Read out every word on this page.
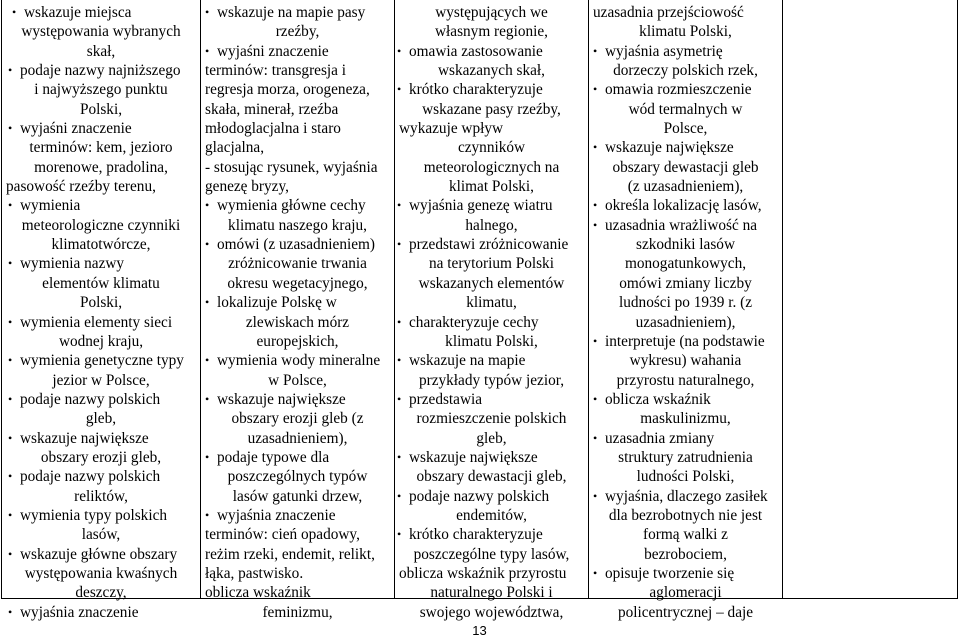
• wskazuje miejsca
występowania wybranych
skał,
• podaje nazwy najniższego
i najwyższego punktu
Polski,
• wyjaśni znaczenie
terminów: kem, jezioro
morenowe, pradolina,
pasowość rzeźby terenu,
• wymienia
meteorologiczne czynniki
klimatotwórcze,
• wymienia nazwy
elementów klimatu
Polski,
• wymienia elementy sieci
wodnej kraju,
• wymienia genetyczne typy
jezior w Polsce,
• podaje nazwy polskich
gleb,
• wskazuje największe
obszary erozji gleb,
• podaje nazwy polskich
reliktów,
• wymienia typy polskich
lasów,
• wskazuje główne obszary
występowania kwaśnych
deszczy,
• wyjaśnia znaczenie
• wskazuje na mapie pasy
rzeźby,
• wyjaśni znaczenie
terminów: transgresja i
regresja morza, orogeneza,
skała, minerał, rzeźba
młodoglacjalna i staro
glacjalna,
- stosując rysunek, wyjaśnia
genezę bryzy,
• wymienia główne cechy
klimatu naszego kraju,
• omówi (z uzasadnieniem)
zróżnicowanie trwania
okresu wegetacyjnego,
• lokalizuje Polskę w
zlewiskach mórz
europejskich,
• wymienia wody mineralne
w Polsce,
• wskazuje największe
obszary erozji gleb (z
uzasadnieniem),
• podaje typowe dla
poszczególnych typów
lasów gatunki drzew,
• wyjaśnia znaczenie
terminów: cień opadowy,
reżim rzeki, endemit, relikt,
łąka, pastwisko.
oblicza wskaźnik
feminizmu,
występujących we
własnym regionie,
• omawia zastosowanie
wskazanych skał,
• krótko charakteryzuje
wskazane pasy rzeźby,
wykazuje wpływ
czynników
meteorologicznych na
klimat Polski,
• wyjaśnia genezę wiatru
halnego,
• przedstawi zróżnicowanie
na terytorium Polski
wskazanych elementów
klimatu,
• charakteryzuje cechy
klimatu Polski,
• wskazuje na mapie
przykłady typów jezior,
• przedstawia
rozmieszczenie polskich
gleb,
• wskazuje największe
obszary dewastacji gleb,
• podaje nazwy polskich
endemitów,
• krótko charakteryzuje
poszczególne typy lasów,
oblicza wskaźnik przyrostu
naturalnego Polski i
swojego województwa,
uzasadnia przejściowość
klimatu Polski,
• wyjaśnia asymetrię
dorzeczy polskich rzek,
• omawia rozmieszczenie
wód termalnych w
Polsce,
• wskazuje największe
obszary dewastacji gleb
(z uzasadnieniem),
• określa lokalizację lasów,
• uzasadnia wrażliwość na
szkodniki lasów
monogatunkowych,
omówi zmiany liczby
ludności po 1939 r. (z
uzasadnieniem),
• interpretuje (na podstawie
wykresu) wahania
przyrostu naturalnego,
• oblicza wskaźnik
maskulinizmu,
• uzasadnia zmiany
struktury zatrudnienia
ludności Polski,
• wyjaśnia, dlaczego zasiłek
dla bezrobotnych nie jest
formą walki z
bezrobociem,
• opisuje tworzenie się
aglomeracji
policentrycznej – daje
13
